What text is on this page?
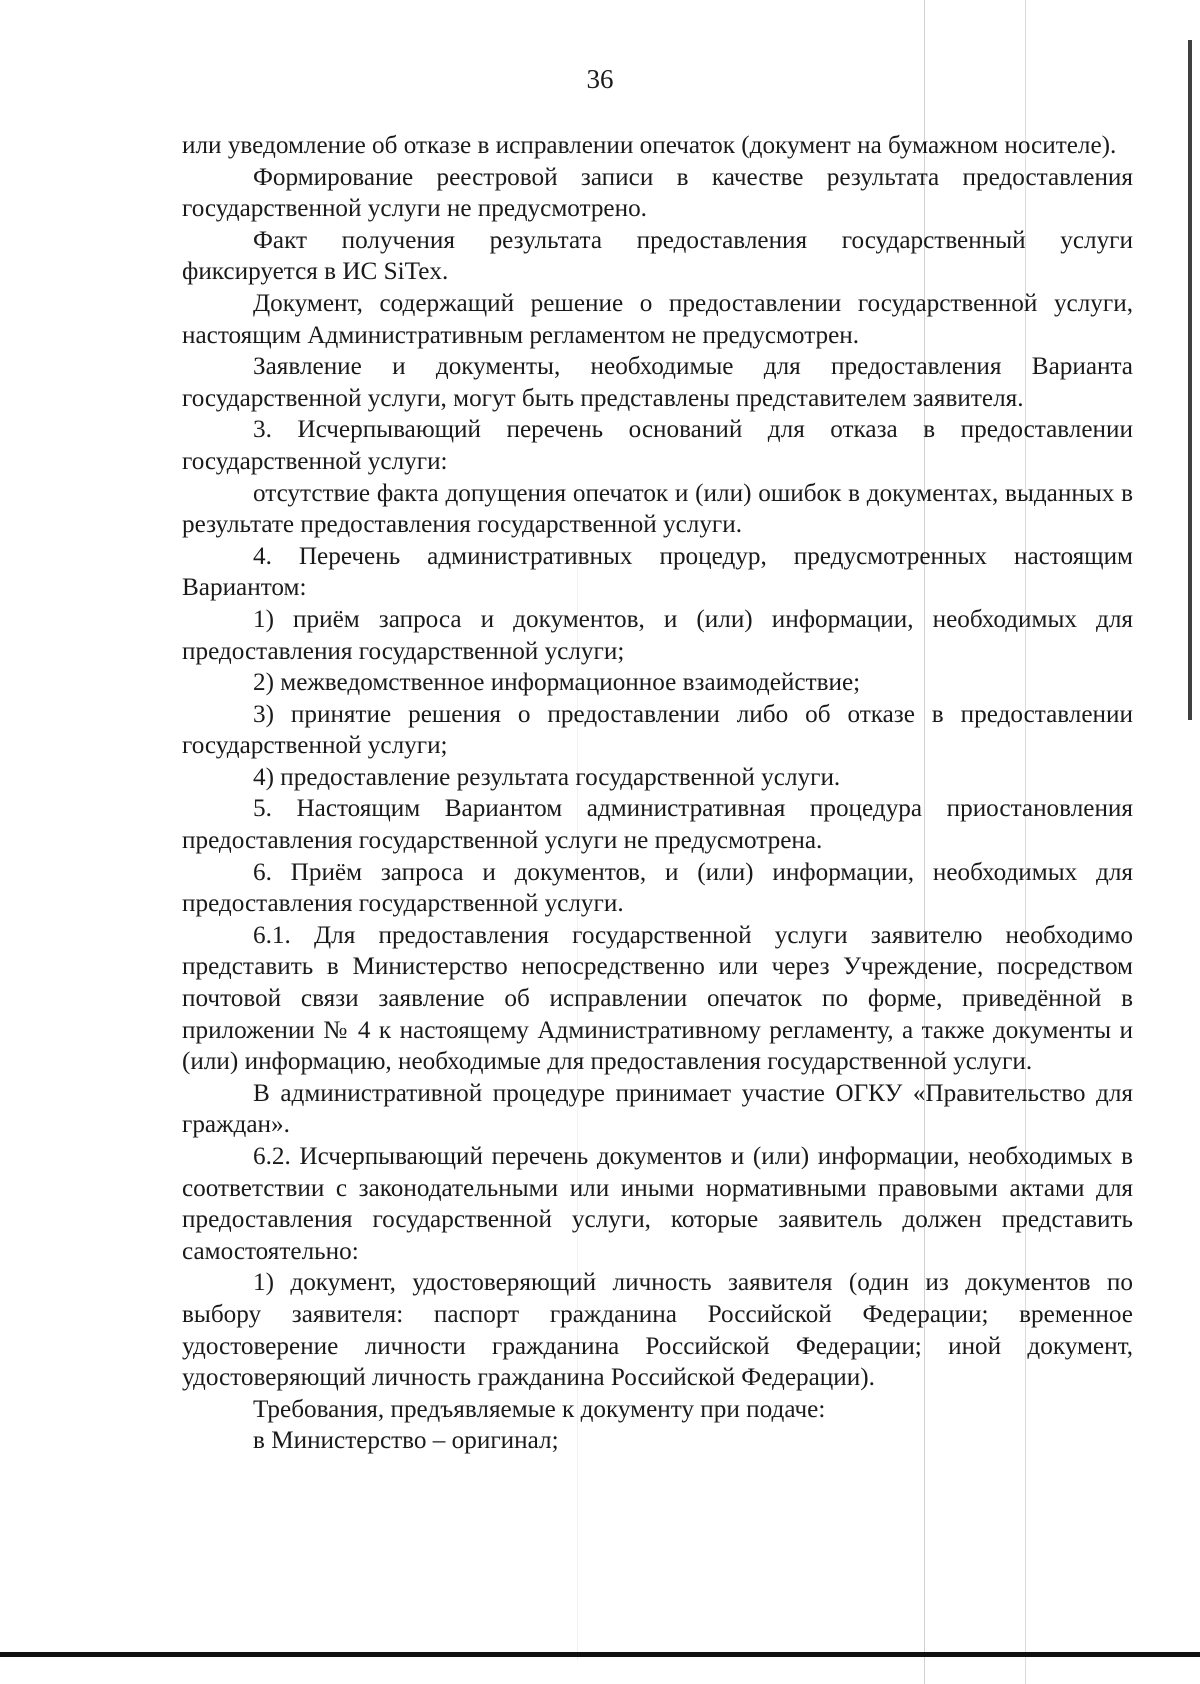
36

или уведомление об отказе в исправлении опечаток (документ на бумажном носителе).

Формирование реестровой записи в качестве результата предоставления государственной услуги не предусмотрено.

Факт получения результата предоставления государственный услуги фиксируется в ИС SiTex.

Документ, содержащий решение о предоставлении государственной услуги, настоящим Административным регламентом не предусмотрен.

Заявление и документы, необходимые для предоставления Варианта государственной услуги, могут быть представлены представителем заявителя.

3. Исчерпывающий перечень оснований для отказа в предоставлении государственной услуги:

отсутствие факта допущения опечаток и (или) ошибок в документах, выданных в результате предоставления государственной услуги.

4. Перечень административных процедур, предусмотренных настоящим Вариантом:

1) приём запроса и документов, и (или) информации, необходимых для предоставления государственной услуги;

2) межведомственное информационное взаимодействие;

3) принятие решения о предоставлении либо об отказе в предоставлении государственной услуги;

4) предоставление результата государственной услуги.

5. Настоящим Вариантом административная процедура приостановления предоставления государственной услуги не предусмотрена.

6. Приём запроса и документов, и (или) информации, необходимых для предоставления государственной услуги.

6.1. Для предоставления государственной услуги заявителю необходимо представить в Министерство непосредственно или через Учреждение, посредством почтовой связи заявление об исправлении опечаток по форме, приведённой в приложении № 4 к настоящему Административному регламенту, а также документы и (или) информацию, необходимые для предоставления государственной услуги.

В административной процедуре принимает участие ОГКУ «Правительство для граждан».

6.2. Исчерпывающий перечень документов и (или) информации, необходимых в соответствии с законодательными или иными нормативными правовыми актами для предоставления государственной услуги, которые заявитель должен представить самостоятельно:

1) документ, удостоверяющий личность заявителя (один из документов по выбору заявителя: паспорт гражданина Российской Федерации; временное удостоверение личности гражданина Российской Федерации; иной документ, удостоверяющий личность гражданина Российской Федерации).

Требования, предъявляемые к документу при подаче:

в Министерство – оригинал;
